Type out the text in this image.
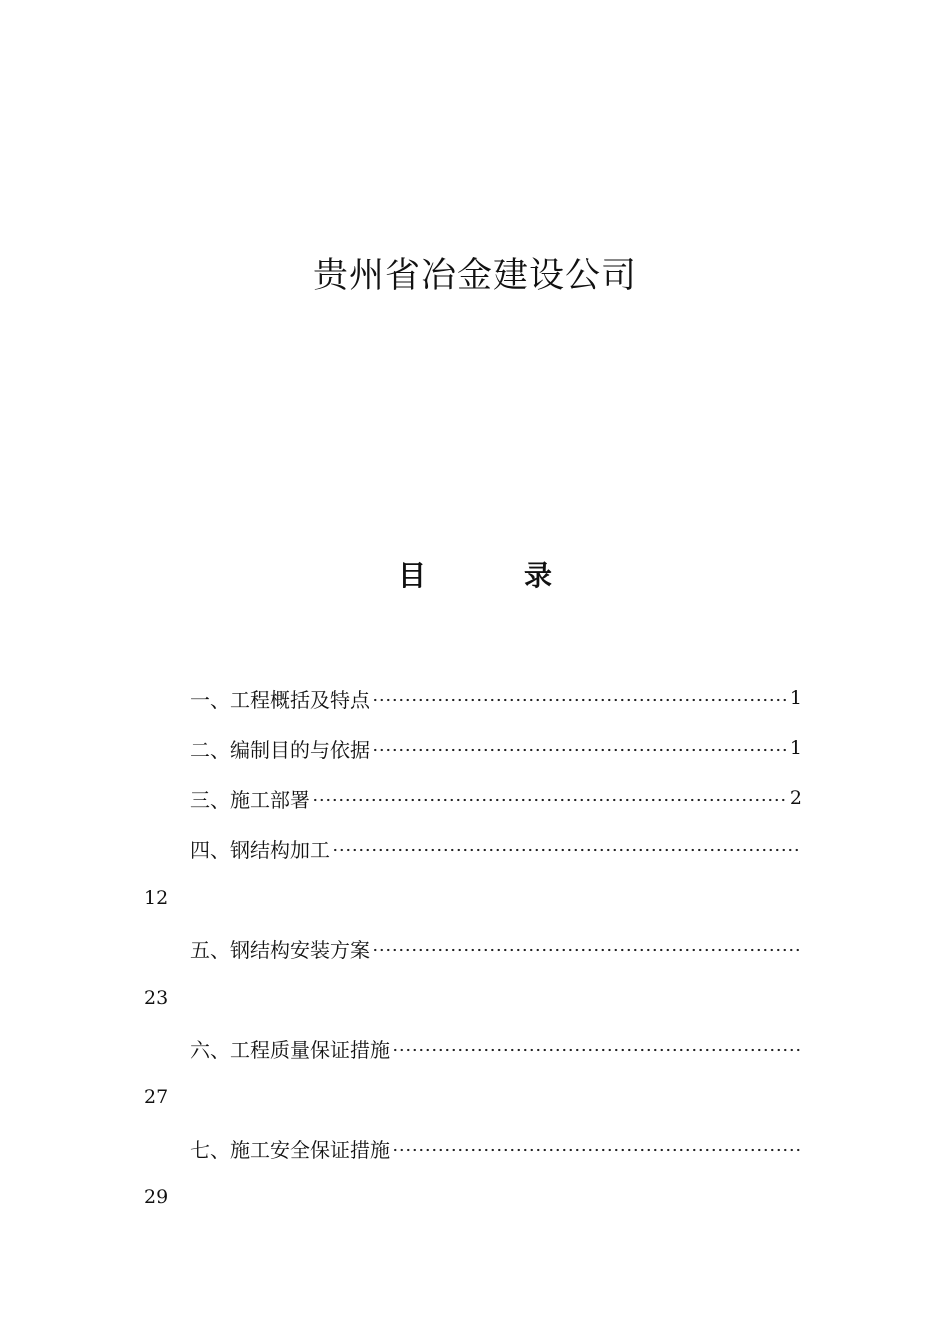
贵州省冶金建设公司
目	录
一、工程概括及特点	1
二、编制目的与依据	1
三、施工部署	2
四、钢结构加工
12
五、钢结构安装方案
23
六、工程质量保证措施
27
七、施工安全保证措施
29
